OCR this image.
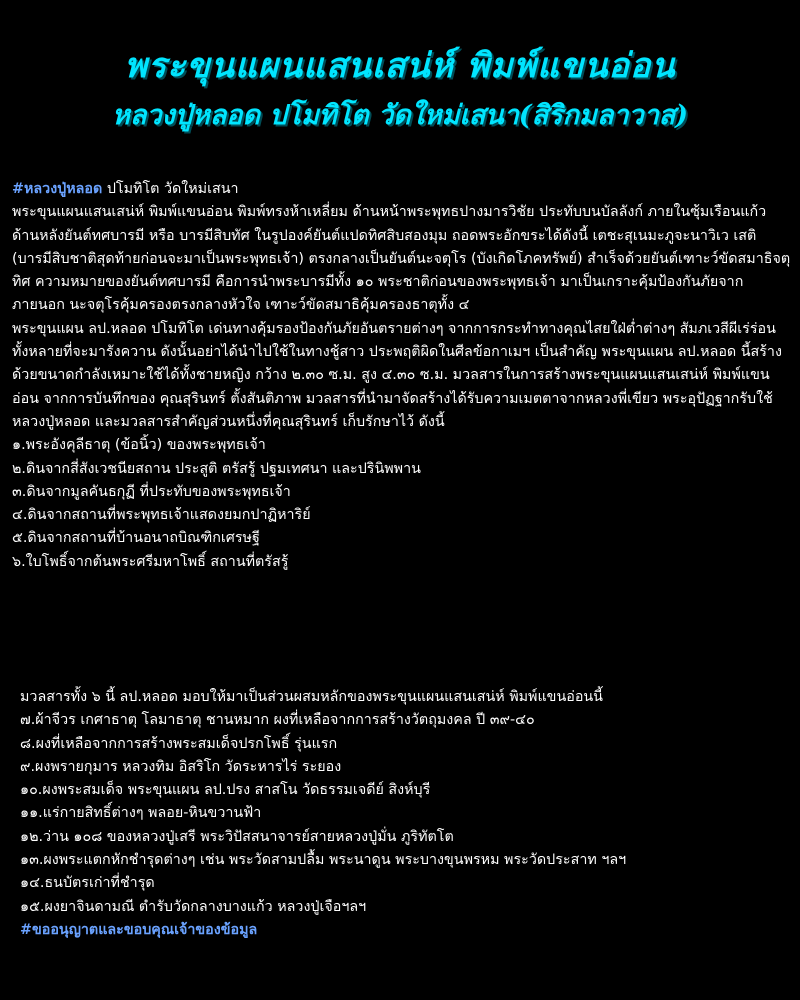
พระขุนแผนแสนเสน่ห์ พิมพ์แขนอ่อน
หลวงปู่หลอด ปโมทิโต วัดใหม่เสนา(สิริกมลาวาส)

#หลวงปู่หลอด ปโมทิโต วัดใหม่เสนา

พระขุนแผนแสนเสน่ห์ พิมพ์แขนอ่อน พิมพ์ทรงห้าเหลี่ยม ด้านหน้าพระพุทธปางมารวิชัย ประทับบนบัลลังก์ ภายในซุ้มเรือนแก้วด้านหลังยันต์ทศบารมี หรือ บารมีสิบทัศ ในรูปองค์ยันต์แปดทิศสิบสองมุม ถอดพระอักขระได้ดังนี้ เตชะสุเนมะภูจะนาวิเว เสติ (บารมีสิบชาติสุดท้ายก่อนจะมาเป็นพระพุทธเจ้า) ตรงกลางเป็นยันต์นะจตุโร (บังเกิดโภคทรัพย์) สำเร็จด้วยยันต์เฑาะว์ขัดสมาธิจตุทิศ ความหมายของยันต์ทศบารมี คือการนำพระบารมีทั้ง ๑๐ พระชาติก่อนของพระพุทธเจ้า มาเป็นเกราะคุ้มป้องกันภัยจากภายนอก นะจตุโรคุ้มครองตรงกลางหัวใจ เฑาะว์ขัดสมาธิคุ้มครองธาตุทั้ง ๔

พระขุนแผน ลป.หลอด ปโมทิโต เด่นทางคุ้มรองป้องกันภัยอันตรายต่างๆ จากการกระทำทางคุณไสยใฝ่ต่ำต่างๆ สัมภเวสีผีเร่ร่อนทั้งหลายที่จะมารังควาน ดังนั้นอย่าได้นำไปใช้ในทางชู้สาว ประพฤติผิดในศีลข้อกาเมฯ เป็นสำคัญ พระขุนแผน ลป.หลอด นี้สร้างด้วยขนาดกำลังเหมาะใช้ได้ทั้งชายหญิง กว้าง ๒.๓๐ ซ.ม. สูง ๔.๓๐ ซ.ม. มวลสารในการสร้างพระขุนแผนแสนเสน่ห์ พิมพ์แขนอ่อน จากการบันทึกของ คุณสุรินทร์ ตั้งสันติภาพ มวลสารที่นำมาจัดสร้างได้รับความเมตตาจากหลวงพี่เขียว พระอุปัฏฐากรับใช้หลวงปู่หลอด และมวลสารสำคัญส่วนหนึ่งที่คุณสุรินทร์ เก็บรักษาไว้ ดังนี้

๑.พระอังคุลีธาตุ (ข้อนิ้ว) ของพระพุทธเจ้า

๒.ดินจากสี่สังเวชนียสถาน ประสูติ ตรัสรู้ ปฐมเทศนา และปรินิพพาน

๓.ดินจากมูลคันธกุฏี ที่ประทับของพระพุทธเจ้า

๔.ดินจากสถานที่พระพุทธเจ้าแสดงยมกปาฏิหาริย์

๕.ดินจากสถานที่บ้านอนาถบิณฑิกเศรษฐี

๖.ใบโพธิ์จากต้นพระศรีมหาโพธิ์ สถานที่ตรัสรู้

มวลสารทั้ง ๖ นี้ ลป.หลอด มอบให้มาเป็นส่วนผสมหลักของพระขุนแผนแสนเสน่ห์ พิมพ์แขนอ่อนนี้

๗.ผ้าจีวร เกศาธาตุ โลมาธาตุ ชานหมาก ผงที่เหลือจากการสร้างวัตถุมงคล ปี ๓๙-๔๐

๘.ผงที่เหลือจากการสร้างพระสมเด็จปรกโพธิ์ รุ่นแรก

๙.ผงพรายกุมาร หลวงทิม อิสริโก วัดระหารไร่ ระยอง

๑๐.ผงพระสมเด็จ พระขุนแผน ลป.ปรง สาสโน วัดธรรมเจดีย์ สิงห์บุรี

๑๑.แร่กายสิทธิ์ต่างๆ พลอย-หินขวานฟ้า

๑๒.ว่าน ๑๐๘ ของหลวงปู่เสรี พระวิปัสสนาจารย์สายหลวงปู่มั่น ภูริทัตโต

๑๓.ผงพระแตกหักชำรุดต่างๆ เช่น พระวัดสามปลื้ม พระนาดูน พระบางขุนพรหม พระวัดประสาท ฯลฯ

๑๔.ธนบัตรเก่าที่ชำรุด

๑๕.ผงยาจินดามณี ตำรับวัดกลางบางแก้ว หลวงปู่เจือฯลฯ

#ขออนุญาตและขอบคุณเจ้าของข้อมูล
